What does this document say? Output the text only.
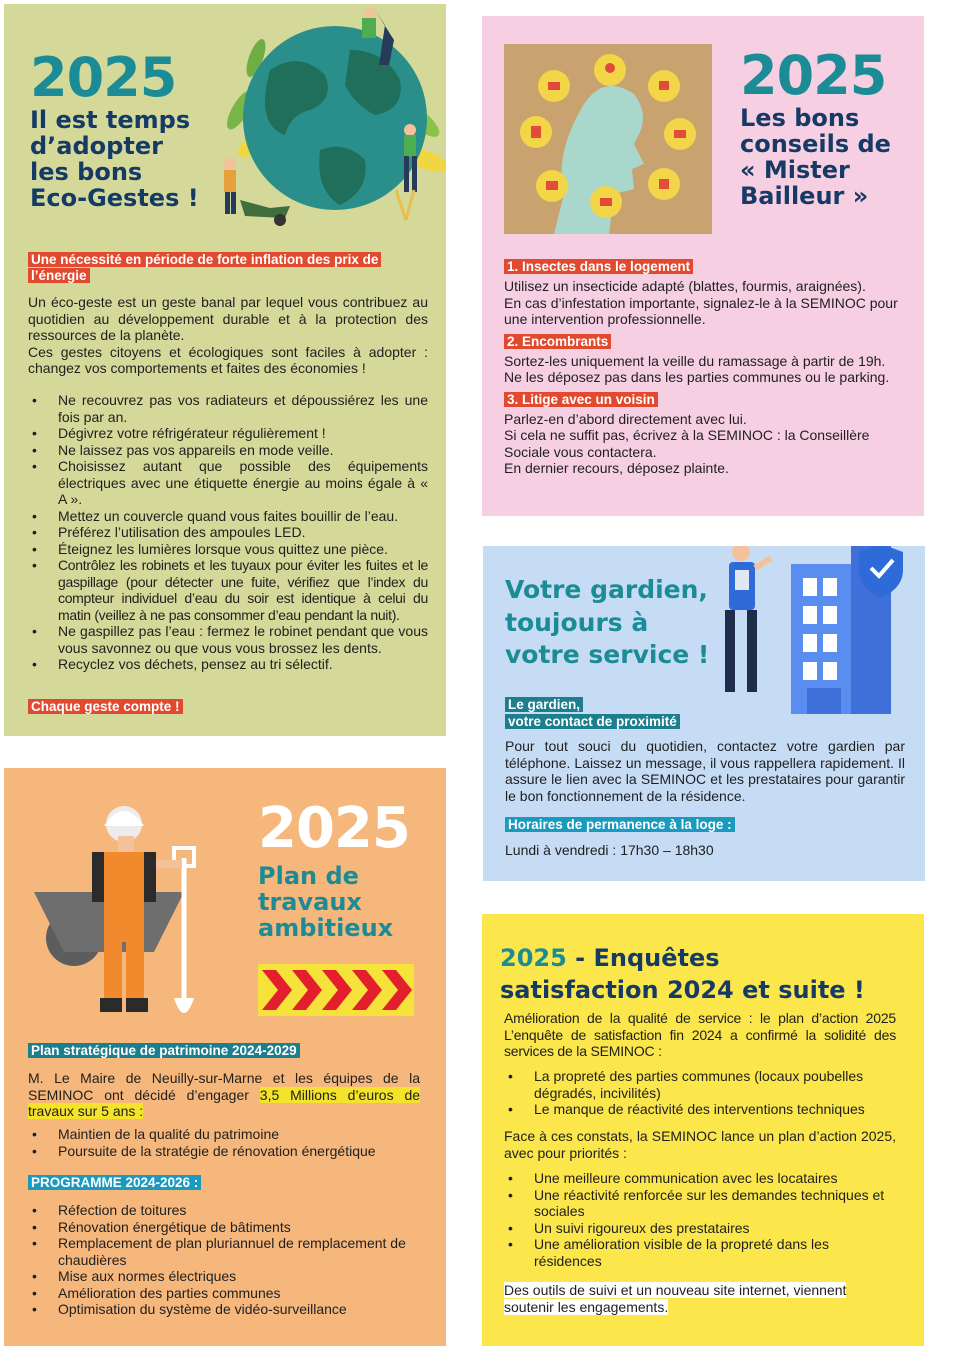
2025
Il est temps
d’adopter
les bons
Eco-Gestes !
Une nécessité en période de forte inflation des prix de l’énergie

Un éco-geste est un geste banal par lequel vous contribuez au quotidien au développement durable et à la protection des ressources de la planète.

Ces gestes citoyens et écologiques sont faciles à adopter : changez vos comportements et faites des économies !

• Ne recouvrez pas vos radiateurs et dépoussiérez les une fois par an.
• Dégivrez votre réfrigérateur régulièrement !
• Ne laissez pas vos appareils en mode veille.
• Choisissez autant que possible des équipements électriques avec une étiquette énergie au moins égale à « A ».
• Mettez un couvercle quand vous faites bouillir de l’eau.
• Préférez l’utilisation des ampoules LED.
• Éteignez les lumières lorsque vous quittez une pièce.
• Contrôlez les robinets et les tuyaux pour éviter les fuites et le gaspillage (pour détecter une fuite, vérifiez que l’index du compteur individuel d’eau du soir est identique à celui du matin (veillez à ne pas consommer d’eau pendant la nuit).
• Ne gaspillez pas l’eau : fermez le robinet pendant que vous vous savonnez ou que vous vous brossez les dents.
• Recyclez vos déchets, pensez au tri sélectif.
Chaque geste compte !
2025
Les bons
conseils de
« Mister
Bailleur »
1. Insectes dans le logement

Utilisez un insecticide adapté (blattes, fourmis, araignées).

En cas d’infestation importante, signalez-le à la SEMINOC pour une intervention professionnelle.

2. Encombrants

Sortez-les uniquement la veille du ramassage à partir de 19h.

Ne les déposez pas dans les parties communes ou le parking.

3. Litige avec un voisin

Parlez-en d’abord directement avec lui.

Si cela ne suffit pas, écrivez à la SEMINOC : la Conseillère Sociale vous contactera.

En dernier recours, déposez plainte.

Votre gardien,
toujours à
votre service !
Le gardien,
votre contact de proximité

Pour tout souci du quotidien, contactez votre gardien par téléphone. Laissez un message, il vous rappellera rapidement. Il assure le lien avec la SEMINOC et les prestataires pour garantir le bon fonctionnement de la résidence.

Horaires de permanence à la loge :

Lundi à vendredi : 17h30 – 18h30

2025
Plan de
travaux
ambitieux
Plan stratégique de patrimoine 2024-2029

M. Le Maire de Neuilly-sur-Marne et les équipes de la SEMINOC ont décidé d’engager 3,5 Millions d’euros de travaux sur 5 ans :

• Maintien de la qualité du patrimoine
• Poursuite de la stratégie de rénovation énergétique
PROGRAMME 2024-2026 :
• Réfection de toitures
• Rénovation énergétique de bâtiments
• Remplacement de plan pluriannuel de remplacement de chaudières
• Mise aux normes électriques
• Amélioration des parties communes
• Optimisation du système de vidéo-surveillance
2025 - Enquêtes
satisfaction 2024 et suite !

Amélioration de la qualité de service : le plan d’action 2025 L’enquête de satisfaction fin 2024 a confirmé la solidité des services de la SEMINOC :

• La propreté des parties communes (locaux poubelles dégradés, incivilités)
• Le manque de réactivité des interventions techniques

Face à ces constats, la SEMINOC lance un plan d’action 2025, avec pour priorités :

• Une meilleure communication avec les locataires
• Une réactivité renforcée sur les demandes techniques et sociales
• Un suivi rigoureux des prestataires
• Une amélioration visible de la propreté dans les résidences

Des outils de suivi et un nouveau site internet, viennent soutenir les engagements.
